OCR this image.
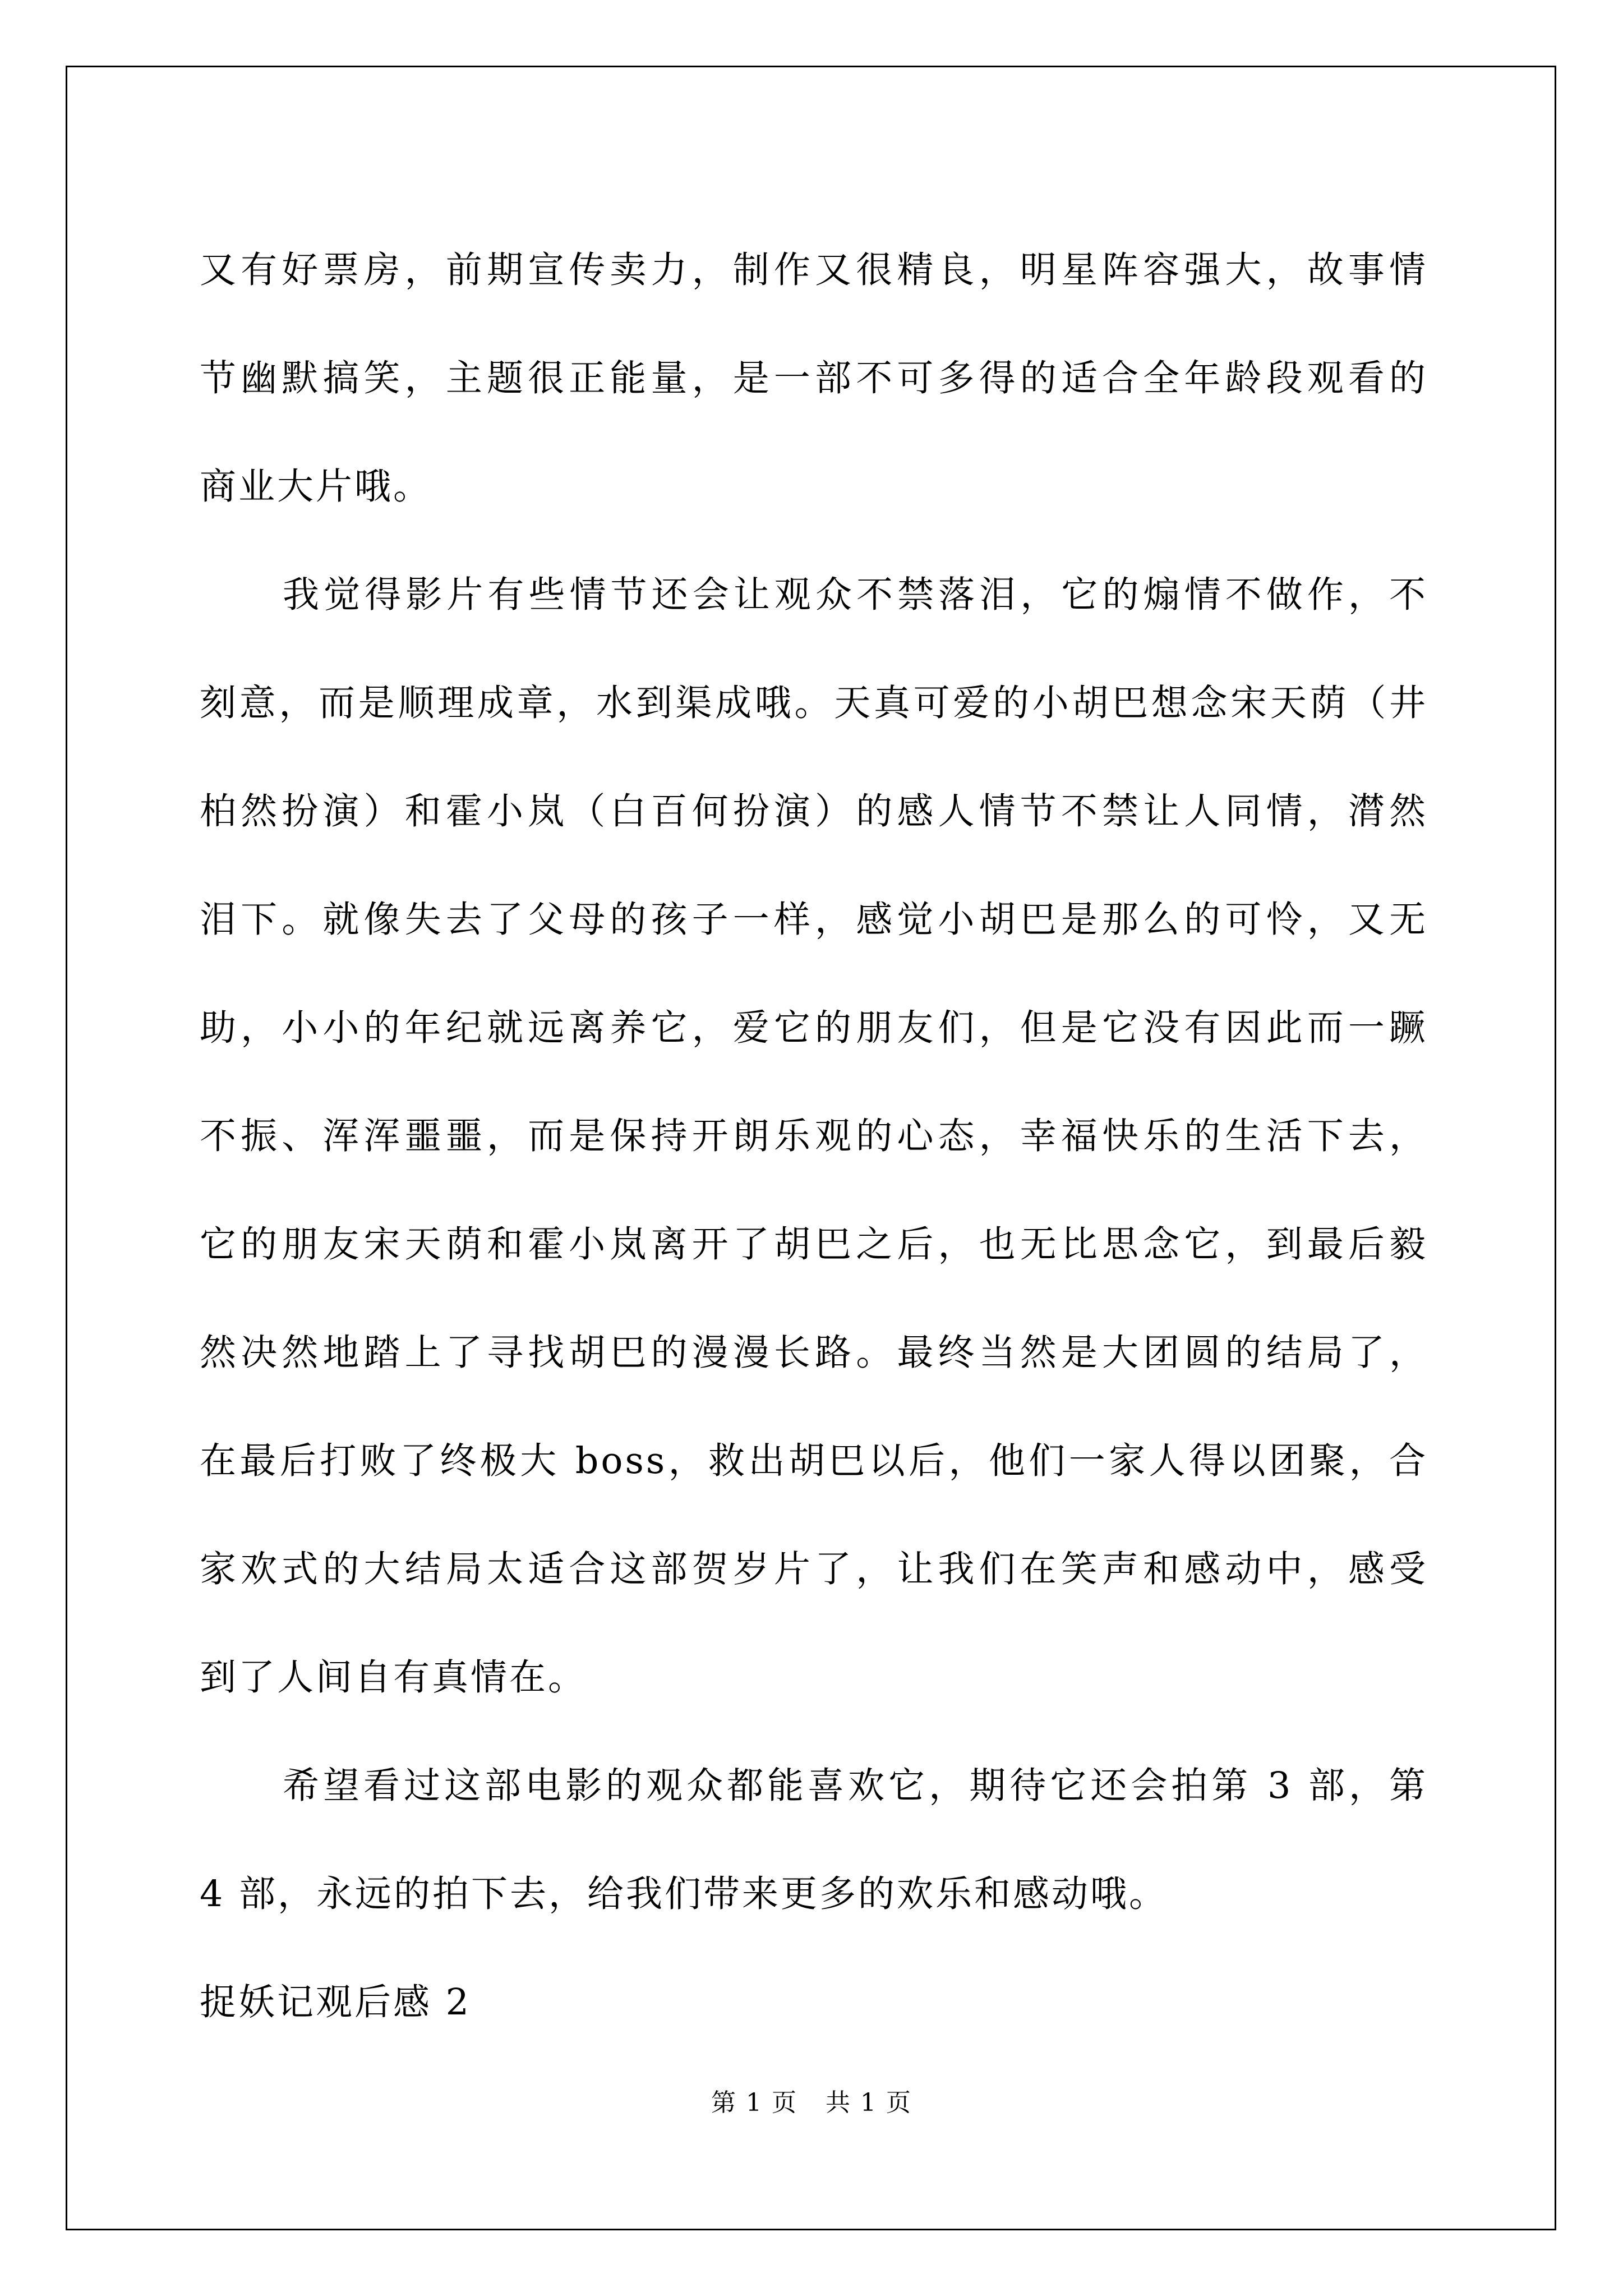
又有好票房，前期宣传卖力，制作又很精良，明星阵容强大，故事情
节幽默搞笑，主题很正能量，是一部不可多得的适合全年龄段观看的
商业大片哦。
我觉得影片有些情节还会让观众不禁落泪，它的煽情不做作，不
刻意，而是顺理成章，水到渠成哦。天真可爱的小胡巴想念宋天荫（井
柏然扮演）和霍小岚（白百何扮演）的感人情节不禁让人同情，潸然
泪下。就像失去了父母的孩子一样，感觉小胡巴是那么的可怜，又无
助，小小的年纪就远离养它，爱它的朋友们，但是它没有因此而一蹶
不振、浑浑噩噩，而是保持开朗乐观的心态，幸福快乐的生活下去，
它的朋友宋天荫和霍小岚离开了胡巴之后，也无比思念它，到最后毅
然决然地踏上了寻找胡巴的漫漫长路。最终当然是大团圆的结局了，
在最后打败了终极大 boss，救出胡巴以后，他们一家人得以团聚，合
家欢式的大结局太适合这部贺岁片了，让我们在笑声和感动中，感受
到了人间自有真情在。
希望看过这部电影的观众都能喜欢它，期待它还会拍第 3 部，第
4 部，永远的拍下去，给我们带来更多的欢乐和感动哦。
捉妖记观后感 2
第 1 页 共 1 页
